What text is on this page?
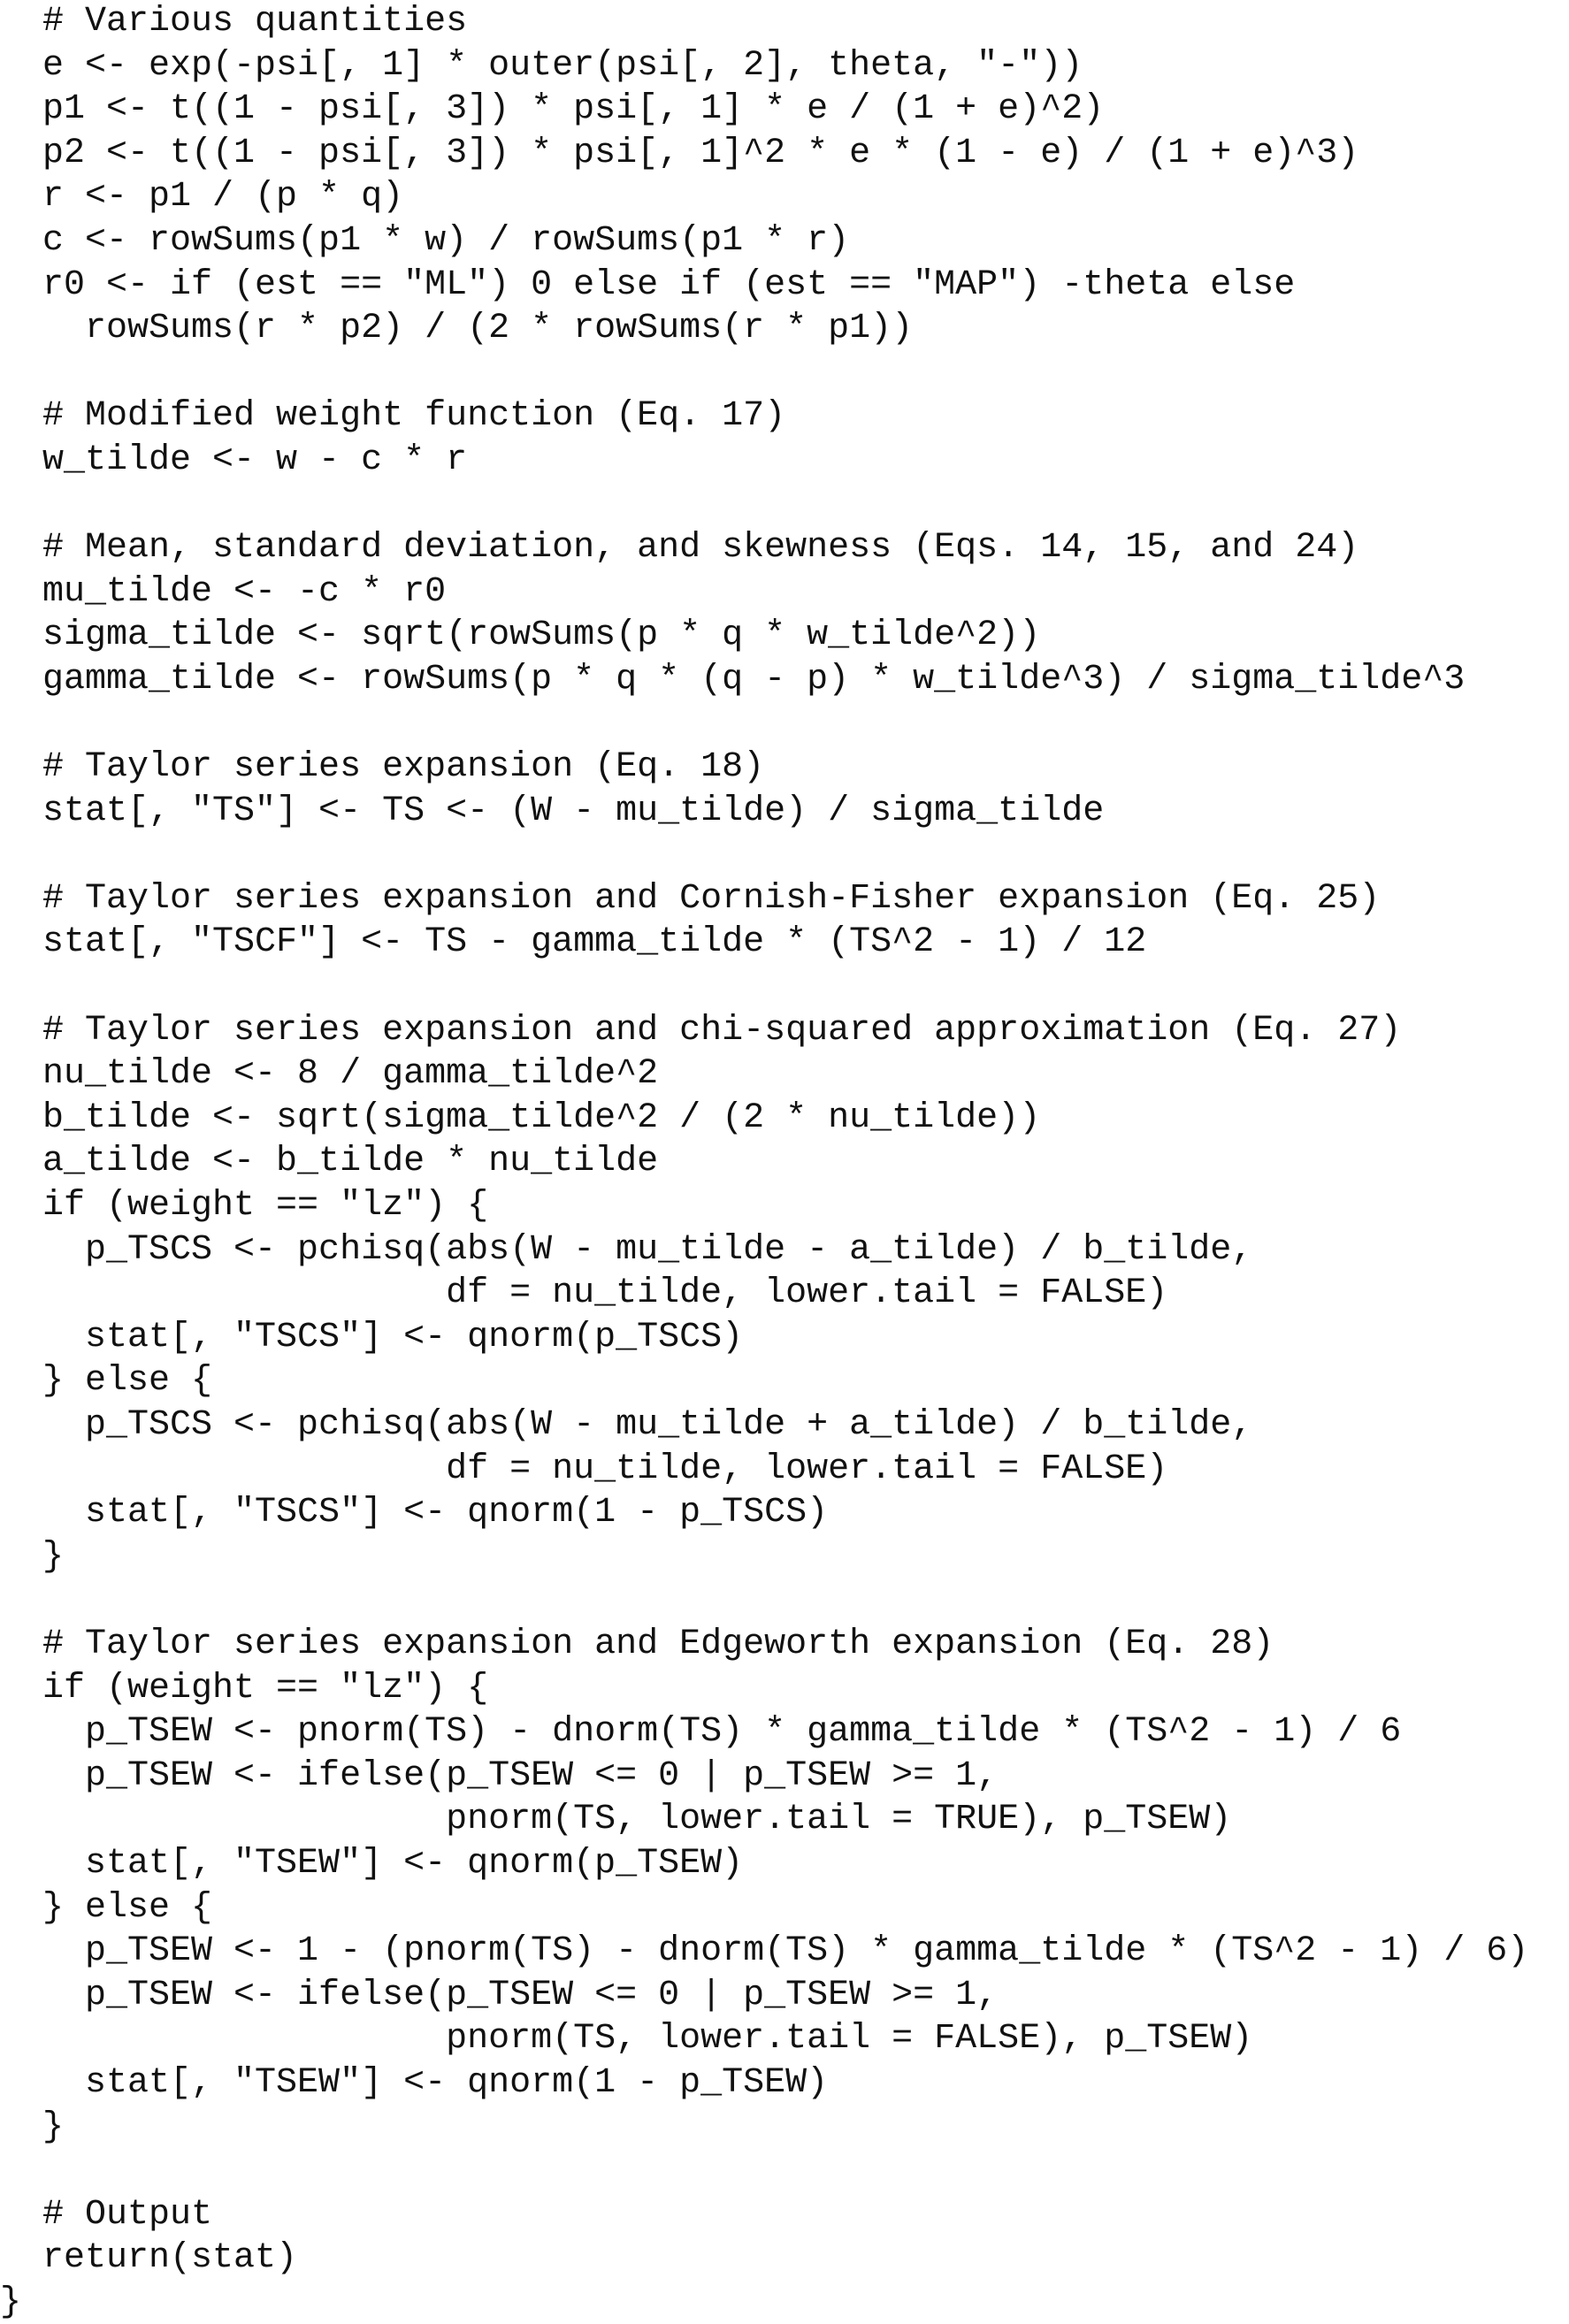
# Various quantities
e <- exp(-psi[, 1] * outer(psi[, 2], theta, "-"))
p1 <- t((1 - psi[, 3]) * psi[, 1] * e / (1 + e)^2)
p2 <- t((1 - psi[, 3]) * psi[, 1]^2 * e * (1 - e) / (1 + e)^3)
r <- p1 / (p * q)
c <- rowSums(p1 * w) / rowSums(p1 * r)
r0 <- if (est == "ML") 0 else if (est == "MAP") -theta else
rowSums(r * p2) / (2 * rowSums(r * p1))
# Modified weight function (Eq. 17)
w_tilde <- w - c * r
# Mean, standard deviation, and skewness (Eqs. 14, 15, and 24)
mu_tilde <- -c * r0
sigma_tilde <- sqrt(rowSums(p * q * w_tilde^2))
gamma_tilde <- rowSums(p * q * (q - p) * w_tilde^3) / sigma_tilde^3
# Taylor series expansion (Eq. 18)
stat[, "TS"] <- TS <- (W - mu_tilde) / sigma_tilde
# Taylor series expansion and Cornish-Fisher expansion (Eq. 25)
stat[, "TSCF"] <- TS - gamma_tilde * (TS^2 - 1) / 12
# Taylor series expansion and chi-squared approximation (Eq. 27)
nu_tilde <- 8 / gamma_tilde^2
b_tilde <- sqrt(sigma_tilde^2 / (2 * nu_tilde))
a_tilde <- b_tilde * nu_tilde
if (weight == "lz") {
p_TSCS <- pchisq(abs(W - mu_tilde - a_tilde) / b_tilde,
df = nu_tilde, lower.tail = FALSE)
stat[, "TSCS"] <- qnorm(p_TSCS)
} else {
p_TSCS <- pchisq(abs(W - mu_tilde + a_tilde) / b_tilde,
df = nu_tilde, lower.tail = FALSE)
stat[, "TSCS"] <- qnorm(1 - p_TSCS)
}
# Taylor series expansion and Edgeworth expansion (Eq. 28)
if (weight == "lz") {
p_TSEW <- pnorm(TS) - dnorm(TS) * gamma_tilde * (TS^2 - 1) / 6
p_TSEW <- ifelse(p_TSEW <= 0 | p_TSEW >= 1,
pnorm(TS, lower.tail = TRUE), p_TSEW)
stat[, "TSEW"] <- qnorm(p_TSEW)
} else {
p_TSEW <- 1 - (pnorm(TS) - dnorm(TS) * gamma_tilde * (TS^2 - 1) / 6)
p_TSEW <- ifelse(p_TSEW <= 0 | p_TSEW >= 1,
pnorm(TS, lower.tail = FALSE), p_TSEW)
stat[, "TSEW"] <- qnorm(1 - p_TSEW)
}
# Output
return(stat)
}
